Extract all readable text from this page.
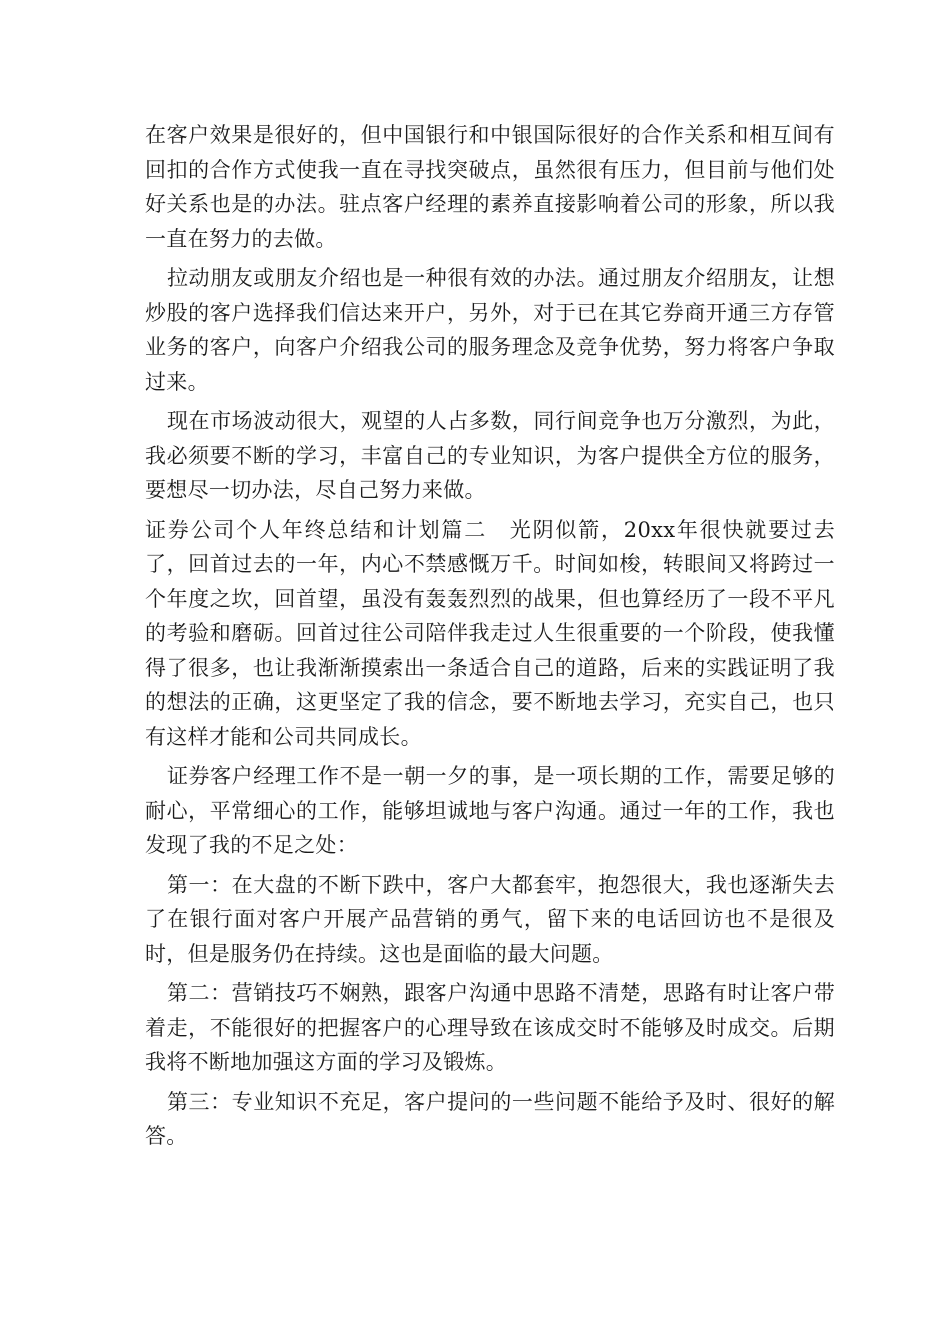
在客户效果是很好的，但中国银行和中银国际很好的合作关系和相互间有回扣的合作方式使我一直在寻找突破点，虽然很有压力，但目前与他们处好关系也是的办法。驻点客户经理的素养直接影响着公司的形象，所以我一直在努力的去做。

拉动朋友或朋友介绍也是一种很有效的办法。通过朋友介绍朋友，让想炒股的客户选择我们信达来开户，另外，对于已在其它券商开通三方存管业务的客户，向客户介绍我公司的服务理念及竞争优势，努力将客户争取过来。

现在市场波动很大，观望的人占多数，同行间竞争也万分激烈，为此，我必须要不断的学习，丰富自己的专业知识，为客户提供全方位的服务，要想尽一切办法，尽自己努力来做。

证券公司个人年终总结和计划篇二　光阴似箭，20xx年很快就要过去了，回首过去的一年，内心不禁感慨万千。时间如梭，转眼间又将跨过一个年度之坎，回首望，虽没有轰轰烈烈的战果，但也算经历了一段不平凡的考验和磨砺。回首过往公司陪伴我走过人生很重要的一个阶段，使我懂得了很多，也让我渐渐摸索出一条适合自己的道路，后来的实践证明了我的想法的正确，这更坚定了我的信念，要不断地去学习，充实自己，也只有这样才能和公司共同成长。

证券客户经理工作不是一朝一夕的事，是一项长期的工作，需要足够的耐心，平常细心的工作，能够坦诚地与客户沟通。通过一年的工作，我也发现了我的不足之处：

第一：在大盘的不断下跌中，客户大都套牢，抱怨很大，我也逐渐失去了在银行面对客户开展产品营销的勇气，留下来的电话回访也不是很及时，但是服务仍在持续。这也是面临的最大问题。

第二：营销技巧不娴熟，跟客户沟通中思路不清楚，思路有时让客户带着走，不能很好的把握客户的心理导致在该成交时不能够及时成交。后期我将不断地加强这方面的学习及锻炼。

第三：专业知识不充足，客户提问的一些问题不能给予及时、很好的解答。
